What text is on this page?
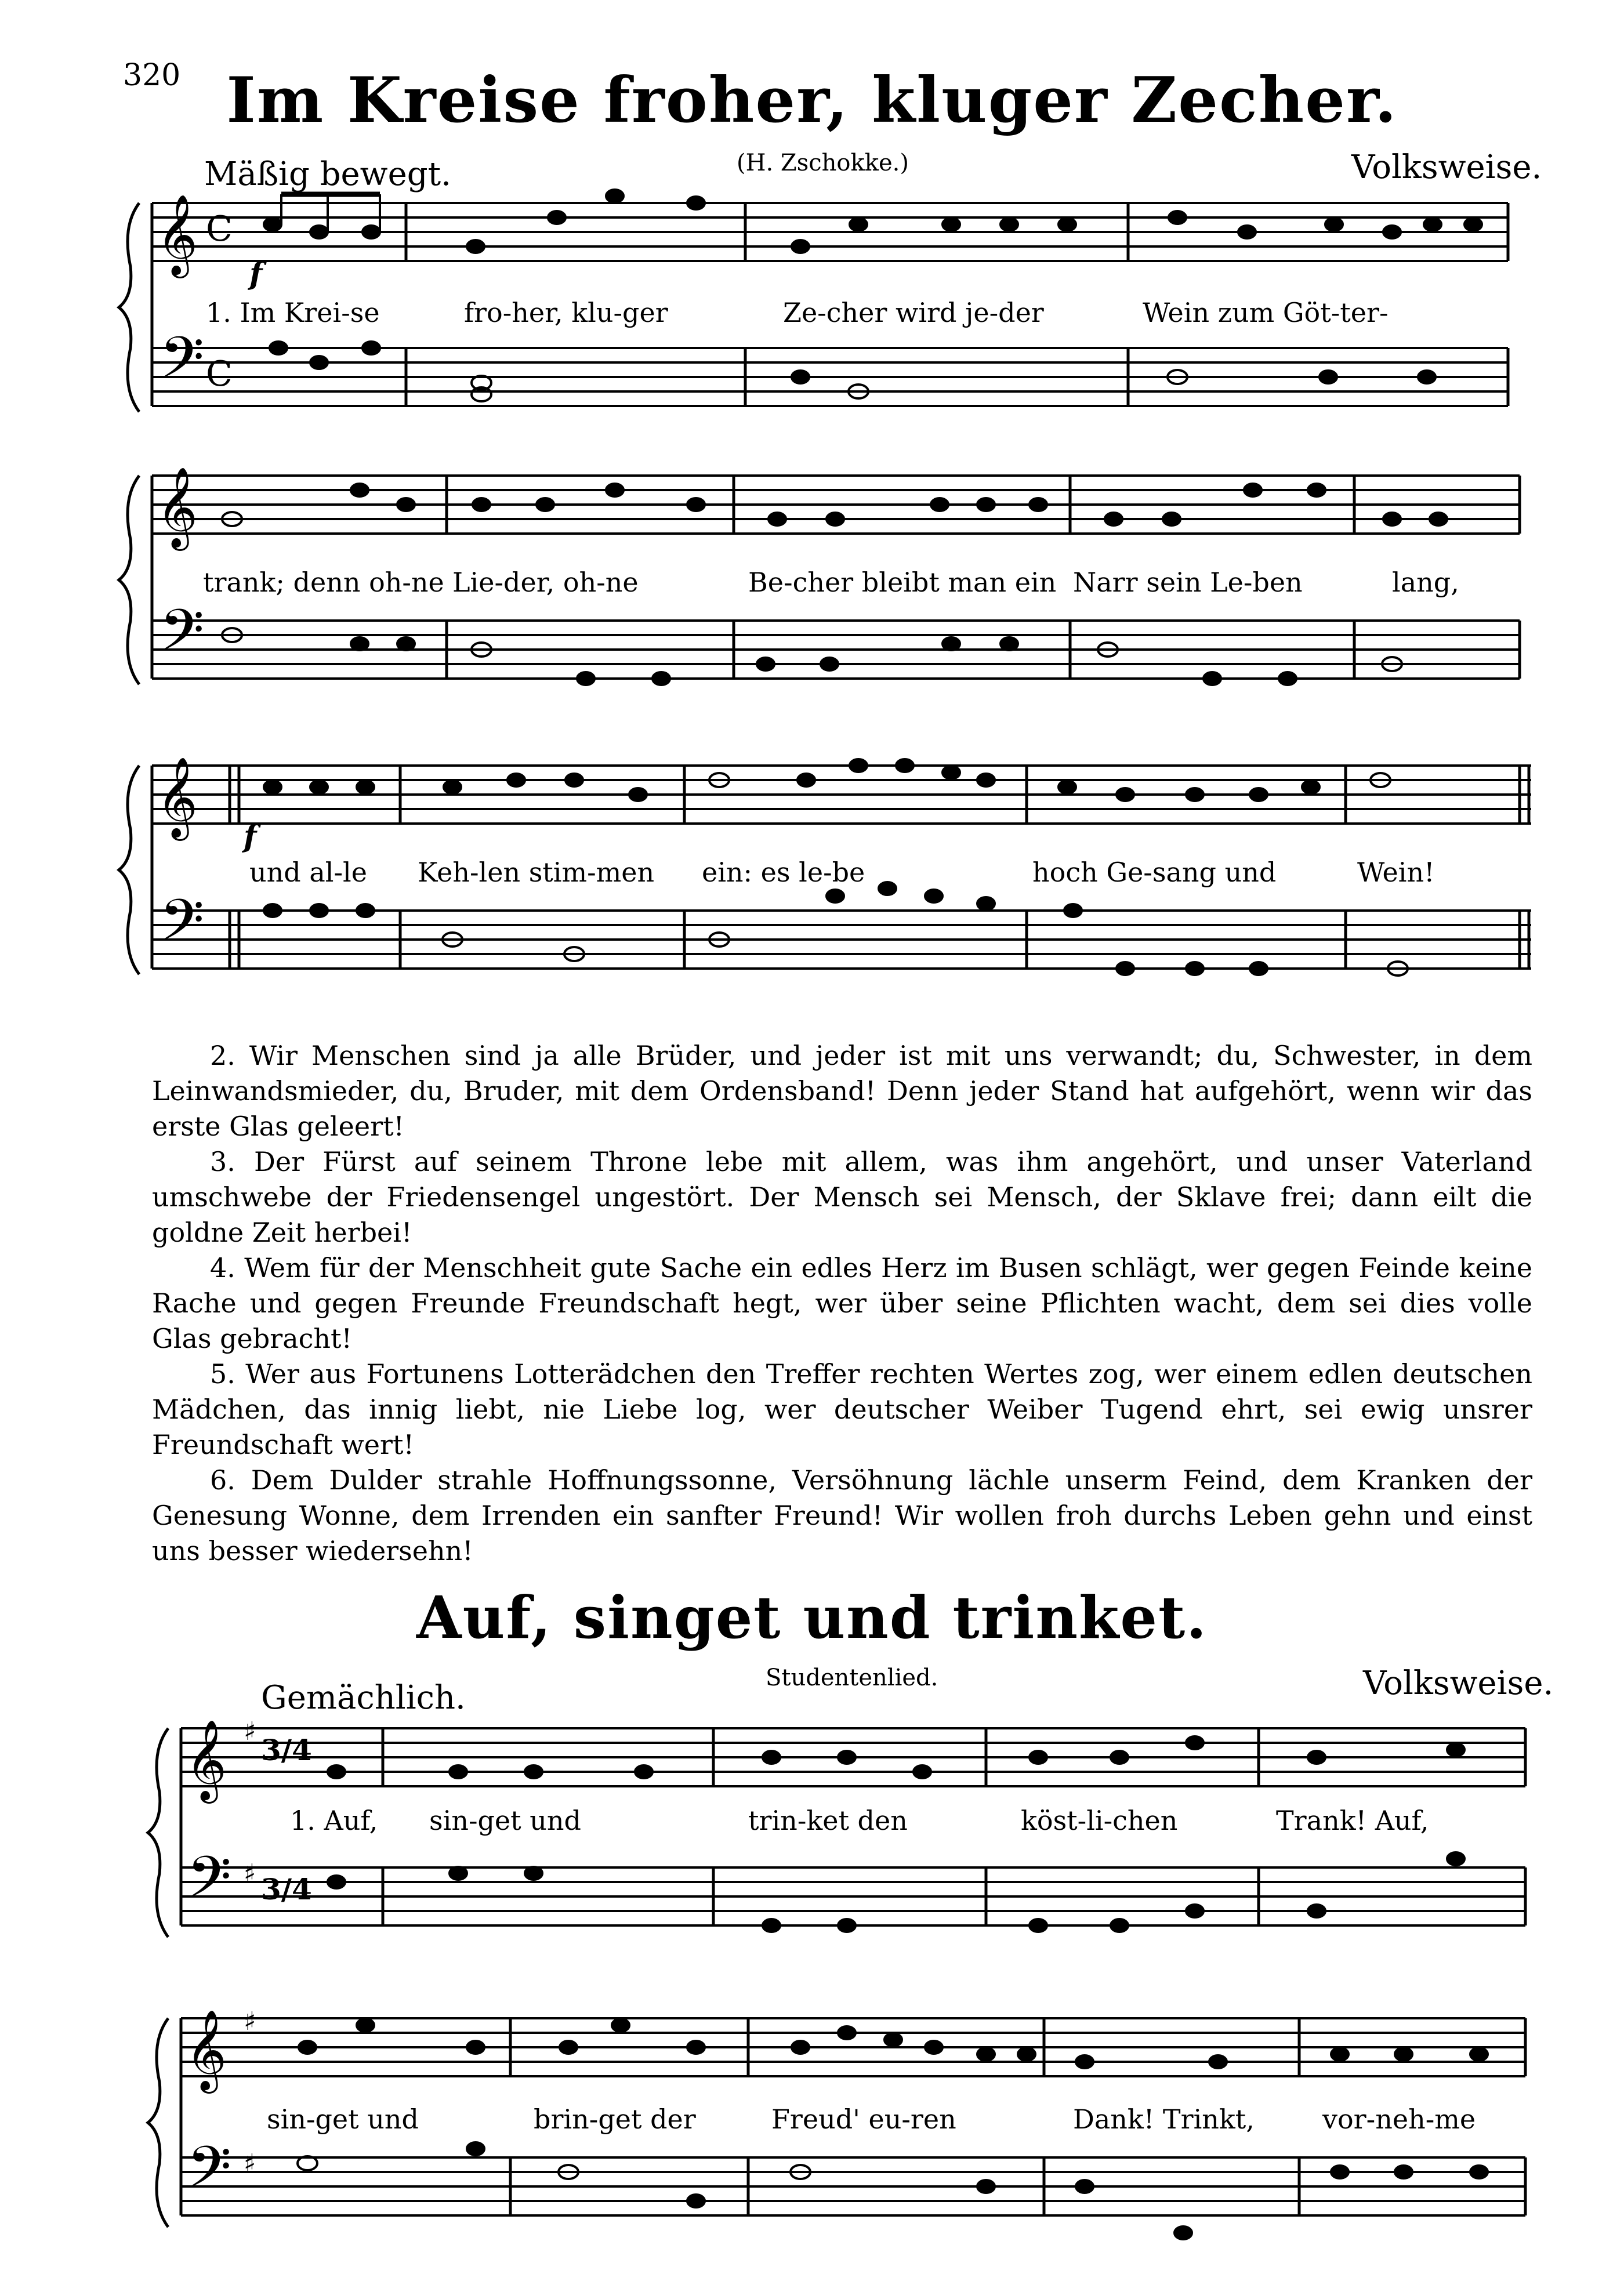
320 Im Kreise froher, kluger Zecher.
Mäßig bewegt.	(H. Zschokke.)	Volksweise.
𝄞
𝄢
C
C
f
1. Im Krei-se	fro-her, klu-ger	Ze-cher wird je-der	Wein zum Göt-ter-
𝄞
𝄢
trank; denn oh-ne Lie-der, oh-ne	Be-cher bleibt man ein Narr sein Le-ben	lang,
𝄞
𝄢
f
und al-le Keh-len stim-men ein: es le-be	hoch Ge-sang und	Wein!

2. Wir Menschen sind ja alle Brüder, und jeder ist mit uns verwandt; du, Schwester, in dem Leinwandsmieder, du, Bruder, mit dem Ordensband! Denn jeder Stand hat aufgehört, wenn wir das erste Glas geleert!

3. Der Fürst auf seinem Throne lebe mit allem, was ihm angehört, und unser Vaterland umschwebe der Friedensengel ungestört. Der Mensch sei Mensch, der Sklave frei; dann eilt die goldne Zeit herbei!

4. Wem für der Menschheit gute Sache ein edles Herz im Busen schlägt, wer gegen Feinde keine Rache und gegen Freunde Freundschaft hegt, wer über seine Pflichten wacht, dem sei dies volle Glas gebracht!

5. Wer aus Fortunens Lotterädchen den Treffer rechten Wertes zog, wer einem edlen deutschen Mädchen, das innig liebt, nie Liebe log, wer deutscher Weiber Tugend ehrt, sei ewig unsrer Freundschaft wert!

6. Dem Dulder strahle Hoffnungssonne, Versöhnung lächle unserm Feind, dem Kranken der Genesung Wonne, dem Irrenden ein sanfter Freund! Wir wollen froh durchs Leben gehn und einst uns besser wiedersehn!

Auf, singet und trinket.
Gemächlich.
Studentenlied.	Volksweise.
𝄞
𝄢
♯
♯
3/4
3/4
1. Auf, sin-get und	trin-ket den	köst-li-chen	Trank! Auf,
𝄞
𝄢
♯
♯
sin-get und	brin-get der	Freud' eu-ren	Dank! Trinkt,	vor-neh-me
